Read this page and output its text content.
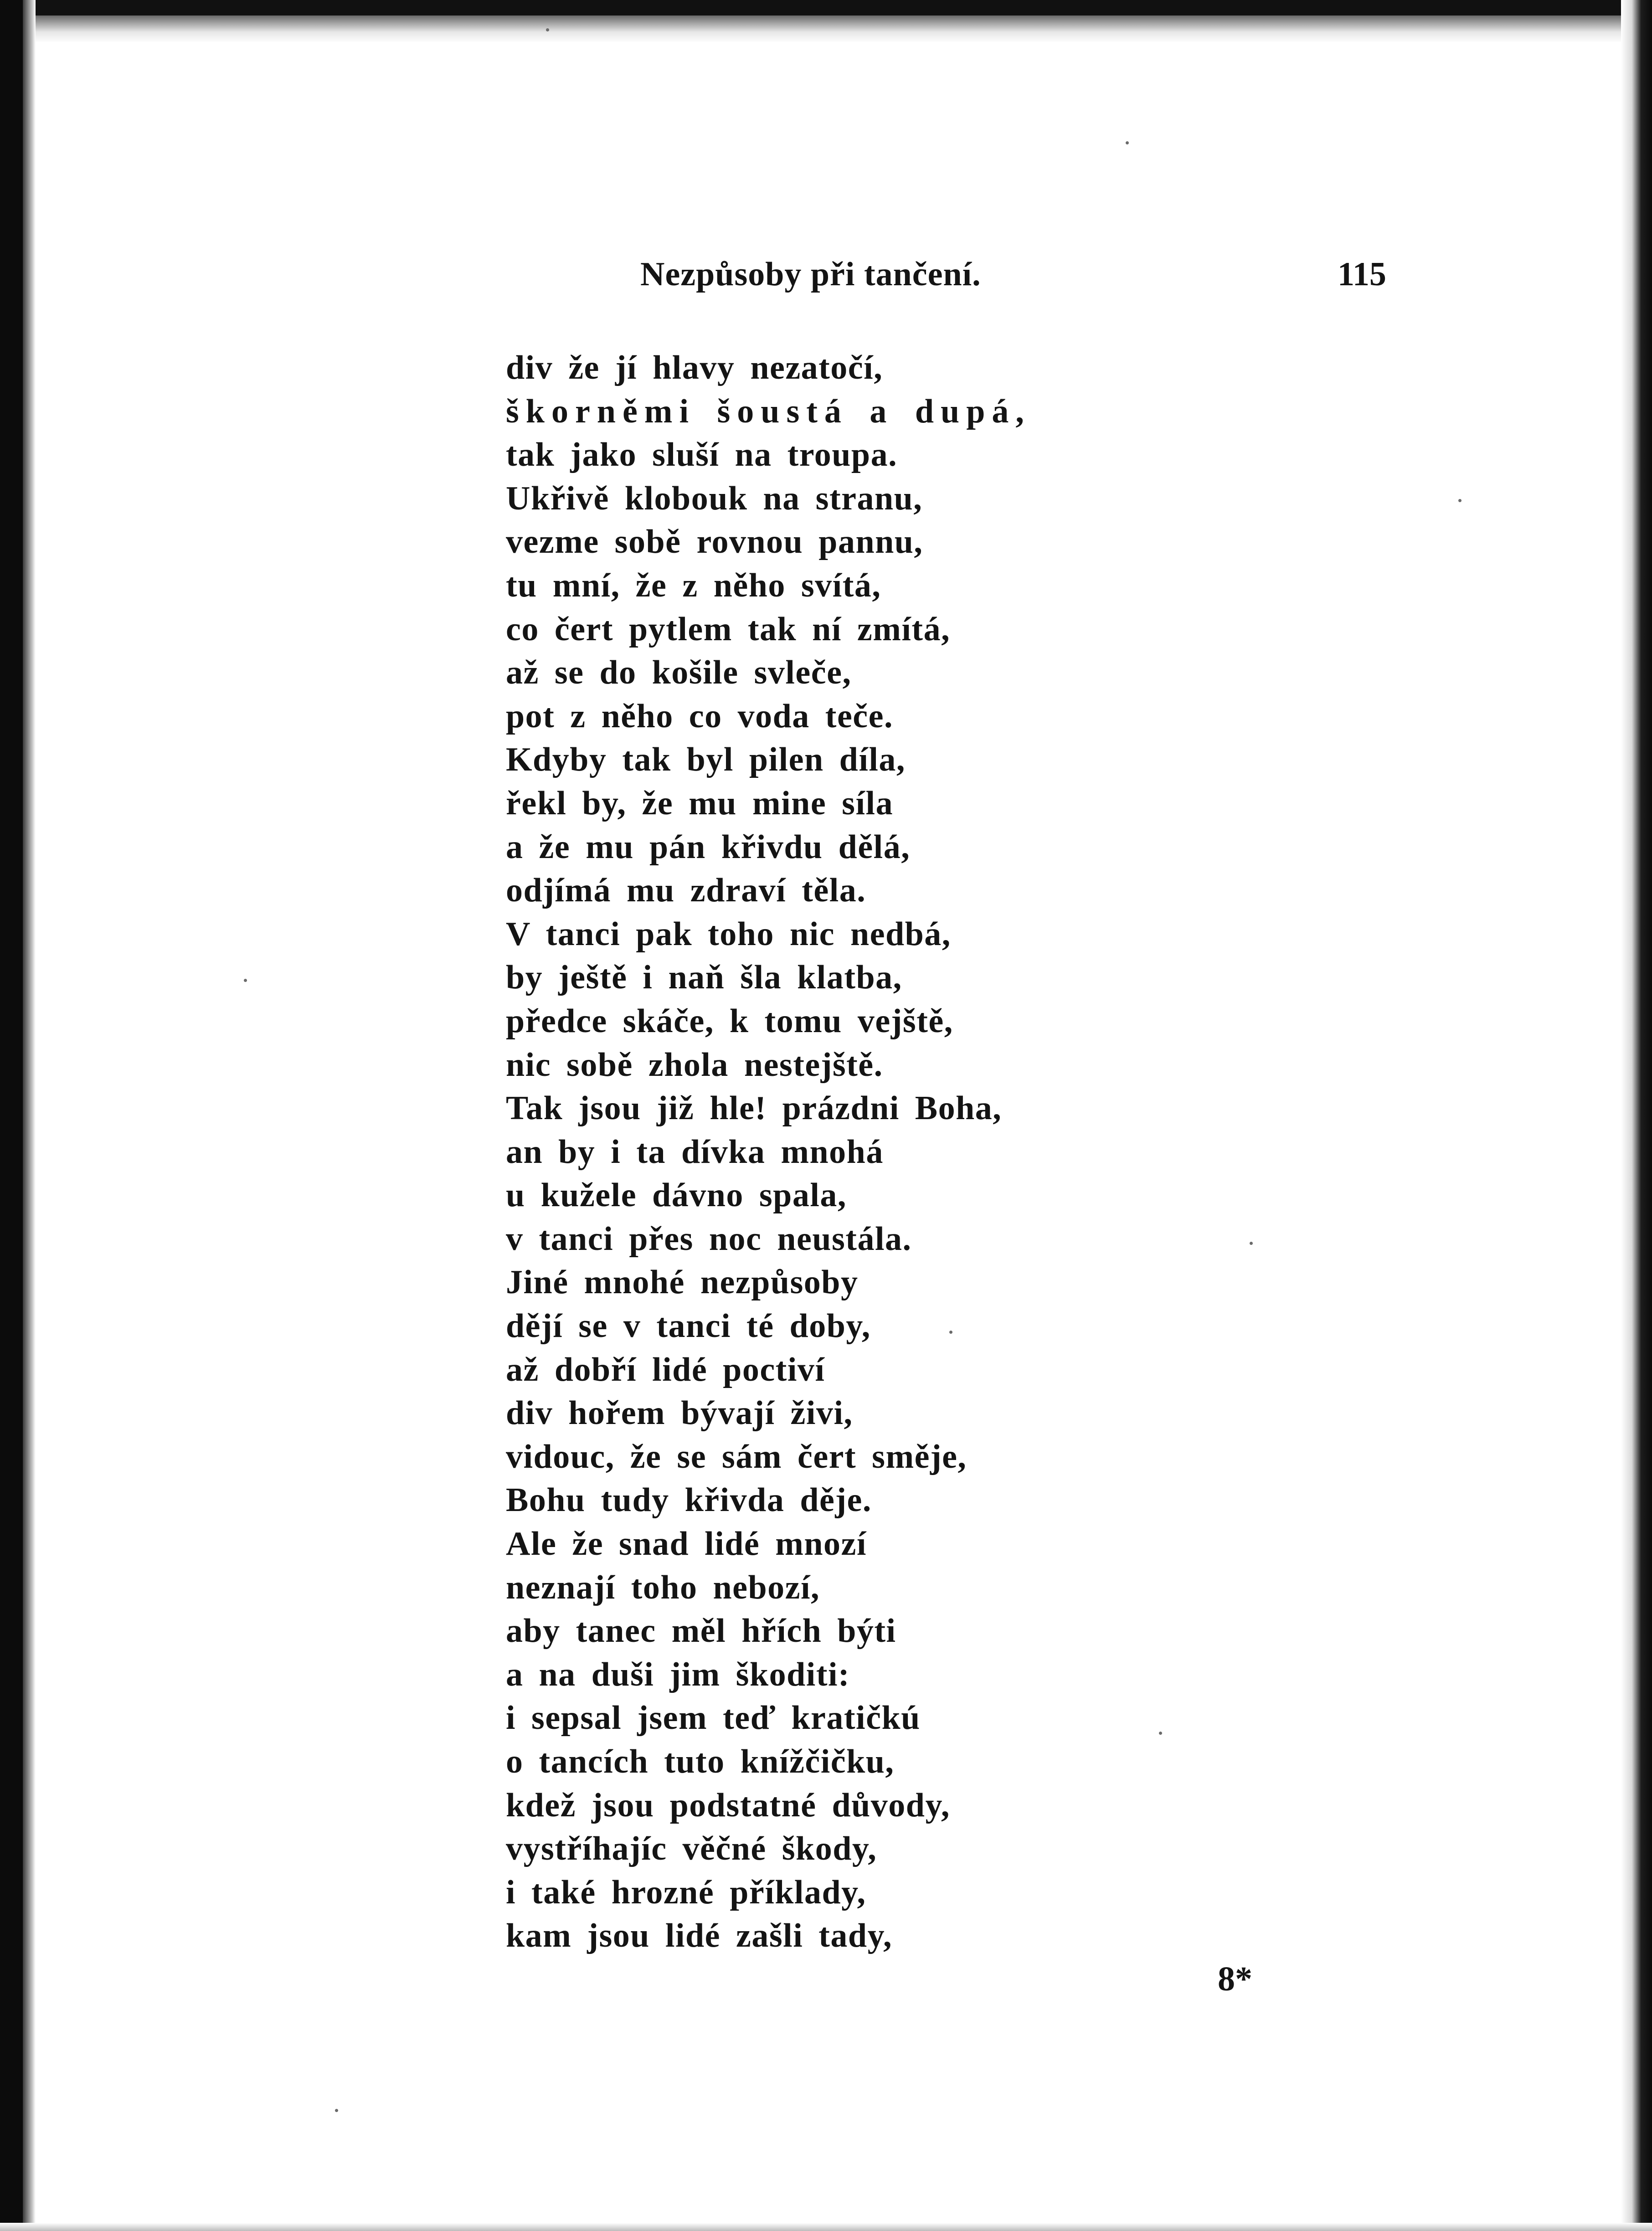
Nezpůsoby při tančení.	115
div že jí hlavy nezatočí,
škorněmi šoustá a dupá,
tak jako sluší na troupa.
Ukřivě klobouk na stranu,
vezme sobě rovnou pannu,
tu mní, že z něho svítá,
co čert pytlem tak ní zmítá,
až se do košile svleče,
pot z něho co voda teče.
Kdyby tak byl pilen díla,
řekl by, že mu mine síla
a že mu pán křivdu dělá,
odjímá mu zdraví těla.
V tanci pak toho nic nedbá,
by ještě i naň šla klatba,
předce skáče, k tomu vejště,
nic sobě zhola nestejště.
Tak jsou již hle! prázdni Boha,
an by i ta dívka mnohá
u kužele dávno spala,
v tanci přes noc neustála.
Jiné mnohé nezpůsoby
dějí se v tanci té doby,
až dobří lidé poctiví
div hořem bývají živi,
vidouc, že se sám čert směje,
Bohu tudy křivda děje.
Ale že snad lidé mnozí
neznají toho nebozí,
aby tanec měl hřích býti
a na duši jim škoditi:
i sepsal jsem teď kratičkú
o tancích tuto knížčičku,
kdež jsou podstatné důvody,
vystříhajíc věčné škody,
i také hrozné příklady,
kam jsou lidé zašli tady,
8*
